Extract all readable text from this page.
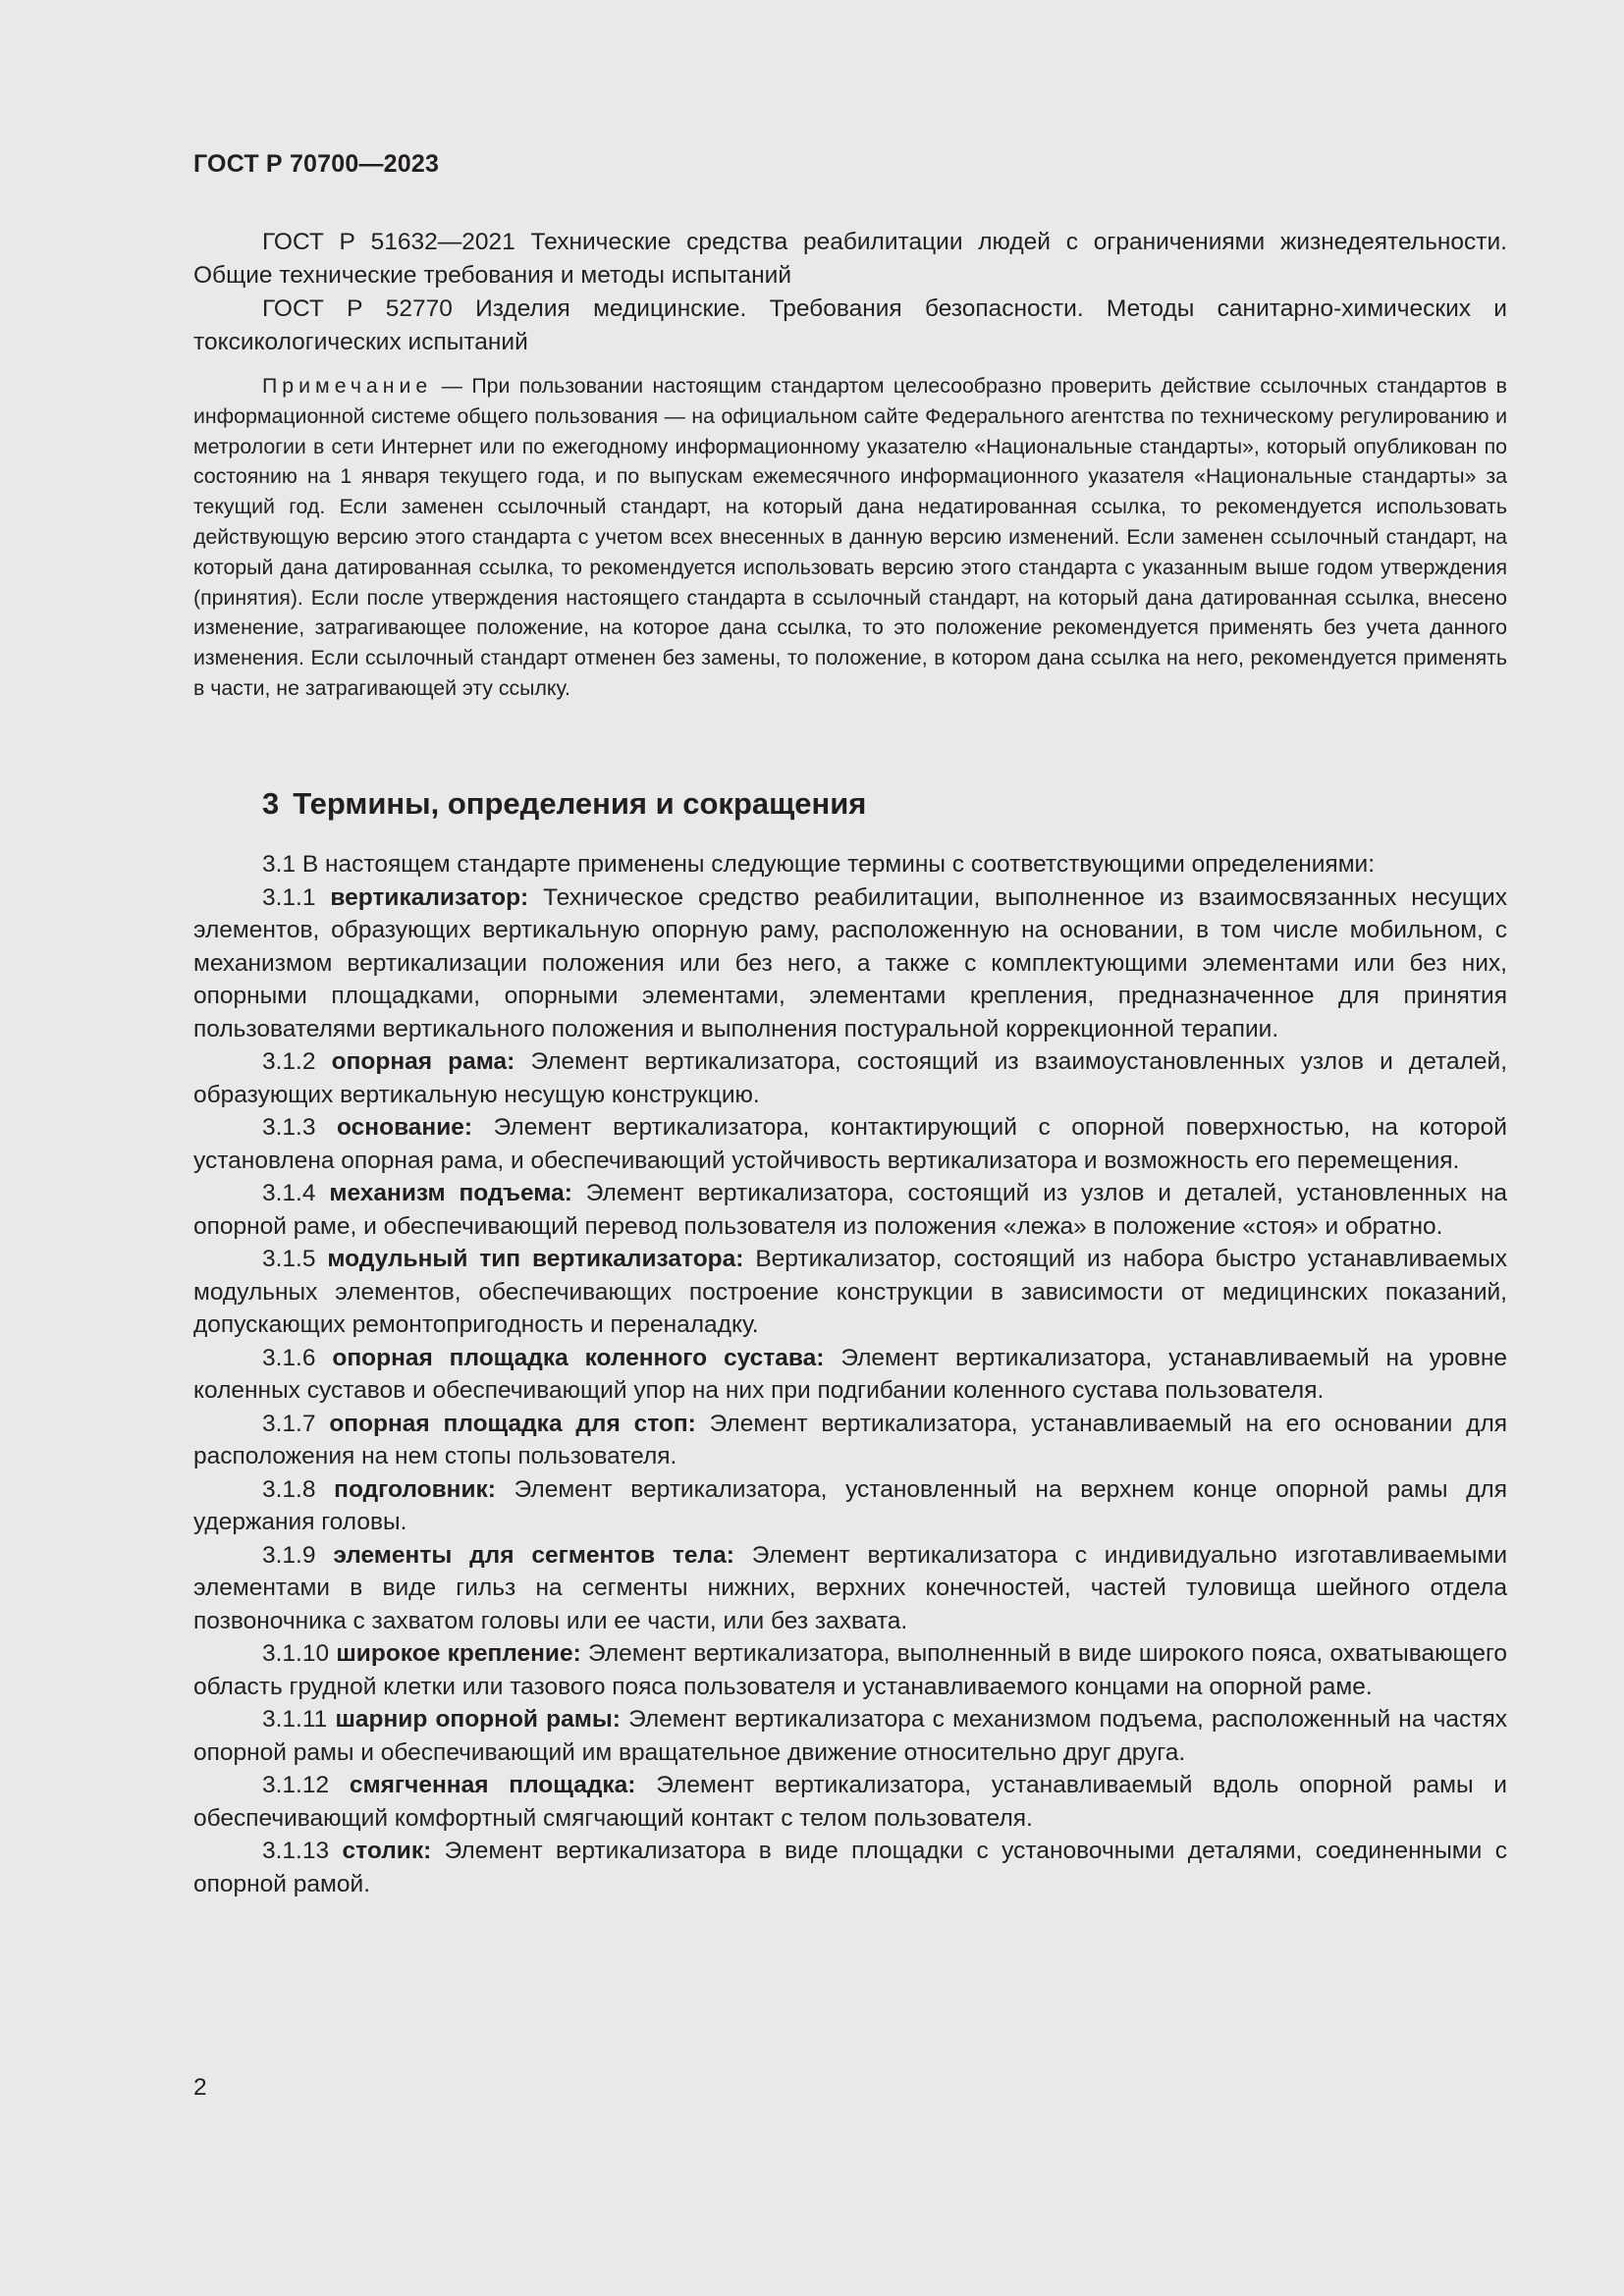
ГОСТ Р 70700—2023

ГОСТ Р 51632—2021 Технические средства реабилитации людей с ограничениями жизнедеятельности. Общие технические требования и методы испытаний

ГОСТ Р 52770 Изделия медицинские. Требования безопасности. Методы санитарно-химических и токсикологических испытаний

Примечание — При пользовании настоящим стандартом целесообразно проверить действие ссылочных стандартов в информационной системе общего пользования — на официальном сайте Федерального агентства по техническому регулированию и метрологии в сети Интернет или по ежегодному информационному указателю «Национальные стандарты», который опубликован по состоянию на 1 января текущего года, и по выпускам ежемесячного информационного указателя «Национальные стандарты» за текущий год. Если заменен ссылочный стандарт, на который дана недатированная ссылка, то рекомендуется использовать действующую версию этого стандарта с учетом всех внесенных в данную версию изменений. Если заменен ссылочный стандарт, на который дана датированная ссылка, то рекомендуется использовать версию этого стандарта с указанным выше годом утверждения (принятия). Если после утверждения настоящего стандарта в ссылочный стандарт, на который дана датированная ссылка, внесено изменение, затрагивающее положение, на которое дана ссылка, то это положение рекомендуется применять без учета данного изменения. Если ссылочный стандарт отменен без замены, то положение, в котором дана ссылка на него, рекомендуется применять в части, не затрагивающей эту ссылку.

3 Термины, определения и сокращения

3.1 В настоящем стандарте применены следующие термины с соответствующими определениями:

3.1.1 вертикализатор: Техническое средство реабилитации, выполненное из взаимосвязанных несущих элементов, образующих вертикальную опорную раму, расположенную на основании, в том числе мобильном, с механизмом вертикализации положения или без него, а также с комплектующими элементами или без них, опорными площадками, опорными элементами, элементами крепления, предназначенное для принятия пользователями вертикального положения и выполнения постуральной коррекционной терапии.

3.1.2 опорная рама: Элемент вертикализатора, состоящий из взаимоустановленных узлов и деталей, образующих вертикальную несущую конструкцию.

3.1.3 основание: Элемент вертикализатора, контактирующий с опорной поверхностью, на которой установлена опорная рама, и обеспечивающий устойчивость вертикализатора и возможность его перемещения.

3.1.4 механизм подъема: Элемент вертикализатора, состоящий из узлов и деталей, установленных на опорной раме, и обеспечивающий перевод пользователя из положения «лежа» в положение «стоя» и обратно.

3.1.5 модульный тип вертикализатора: Вертикализатор, состоящий из набора быстро устанавливаемых модульных элементов, обеспечивающих построение конструкции в зависимости от медицинских показаний, допускающих ремонтопригодность и переналадку.

3.1.6 опорная площадка коленного сустава: Элемент вертикализатора, устанавливаемый на уровне коленных суставов и обеспечивающий упор на них при подгибании коленного сустава пользователя.

3.1.7 опорная площадка для стоп: Элемент вертикализатора, устанавливаемый на его основании для расположения на нем стопы пользователя.

3.1.8 подголовник: Элемент вертикализатора, установленный на верхнем конце опорной рамы для удержания головы.

3.1.9 элементы для сегментов тела: Элемент вертикализатора с индивидуально изготавливаемыми элементами в виде гильз на сегменты нижних, верхних конечностей, частей туловища шейного отдела позвоночника с захватом головы или ее части, или без захвата.

3.1.10 широкое крепление: Элемент вертикализатора, выполненный в виде широкого пояса, охватывающего область грудной клетки или тазового пояса пользователя и устанавливаемого концами на опорной раме.

3.1.11 шарнир опорной рамы: Элемент вертикализатора с механизмом подъема, расположенный на частях опорной рамы и обеспечивающий им вращательное движение относительно друг друга.

3.1.12 смягченная площадка: Элемент вертикализатора, устанавливаемый вдоль опорной рамы и обеспечивающий комфортный смягчающий контакт с телом пользователя.

3.1.13 столик: Элемент вертикализатора в виде площадки с установочными деталями, соединенными с опорной рамой.

2
